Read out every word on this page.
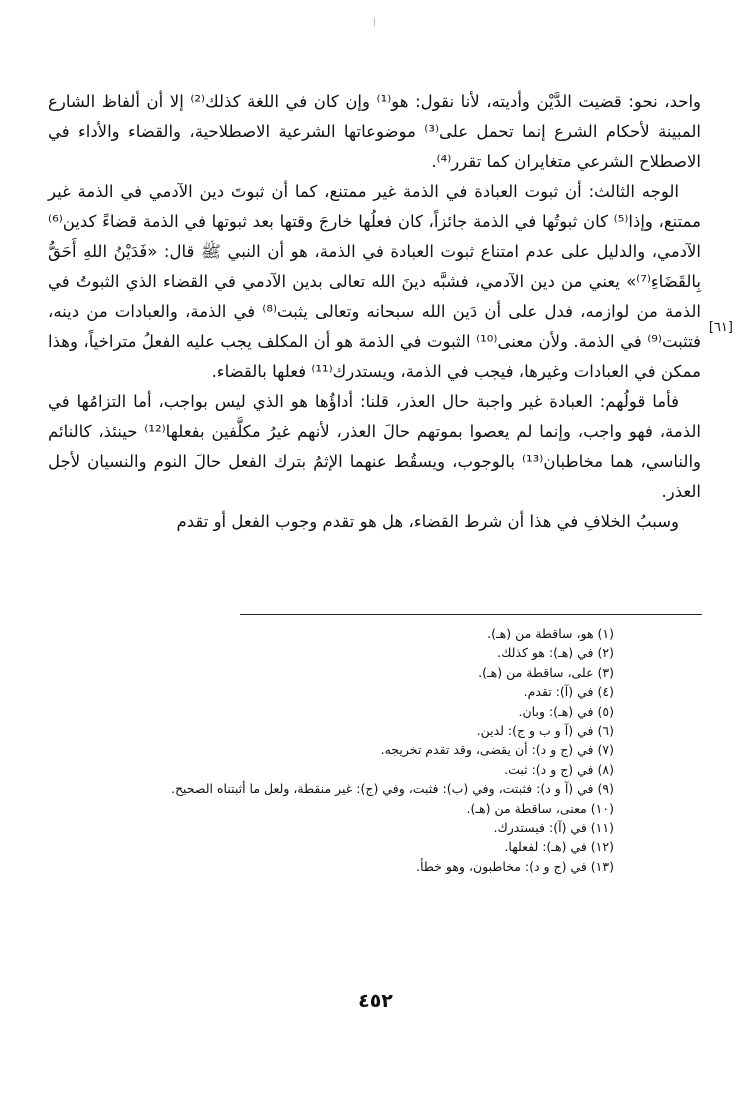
واحد، نحو: قضيت الدَّيْن وأديته، لأنا نقول: هو⁽¹⁾ وإن كان في اللغة كذلك⁽²⁾ إلا أن ألفاظ الشارع المبينة لأحكام الشرع إنما تحمل على⁽³⁾ موضوعاتها الشرعية الاصطلاحية، والقضاء والأداء في الاصطلاح الشرعي متغايران كما تقرر⁽⁴⁾.

الوجه الثالث: أن ثبوت العبادة في الذمة غير ممتنع، كما أن ثبوتَ دين الآدمي في الذمة غير ممتنع، وإذا⁽⁵⁾ كان ثبوتُها في الذمة جائزاً، كان فعلُها خارجَ وقتها بعد ثبوتها في الذمة قضاءً كدين⁽⁶⁾ الآدمي، والدليل على عدم امتناع ثبوت العبادة في الذمة، هو أن النبي ﷺ قال: «فَدَيْنُ اللهِ أَحَقُّ بِالقَضَاءِ⁽⁷⁾» يعني من دين الآدمي، فشبَّه دينَ الله تعالى بدين الآدمي في القضاء الذي الثبوتُ في الذمة من لوازمه، فدل على أن دَين الله سبحانه وتعالى يثبت⁽⁸⁾ في الذمة، والعبادات من دينه، فتثبت⁽⁹⁾ في الذمة. ولأن معنى⁽¹⁰⁾ الثبوت في الذمة هو أن المكلف يجب عليه الفعلُ متراخياً، وهذا ممكن في العبادات وغيرها، فيجب في الذمة، ويستدرك⁽¹¹⁾ فعلها بالقضاء.

فأما قولُهم: العبادة غير واجبة حال العذر، قلنا: أداؤُها هو الذي ليس بواجب، أما التزامُها في الذمة، فهو واجب، وإنما لم يعصوا بموتهم حالَ العذر، لأنهم غيرُ مكلَّفين بفعلها⁽¹²⁾ حينئذ، كالنائم والناسي، هما مخاطبان⁽¹³⁾ بالوجوب، ويسقُط عنهما الإثمُ بترك الفعل حالَ النوم والنسيان لأجل العذر.

وسببُ الخلافِ في هذا أن شرط القضاء، هل هو تقدم وجوب الفعل أو تقدم

[٦١]
(١) هو، ساقطة من (هـ).
(٢) في (هـ): هو كذلك.
(٣) على، ساقطة من (هـ).
(٤) في (آ): تقدم.
(٥) في (هـ): وبان.
(٦) في (آ و ب و ج): لدين.
(٧) في (ج و د): أن يقضى، وقد تقدم تخريجه.
(٨) في (ج و د): ثبت.
(٩) في (آ و د): فثبتت، وفي (ب): فثبت، وفي (ج): غير منقطة، ولعل ما أثبتناه الصحيح.
(١٠) معنى، ساقطة من (هـ).
(١١) في (آ): فيستدرك.
(١٢) في (هـ): لفعلها.
(١٣) في (ج و د): مخاطبون، وهو خطأ.
٤٥٢
